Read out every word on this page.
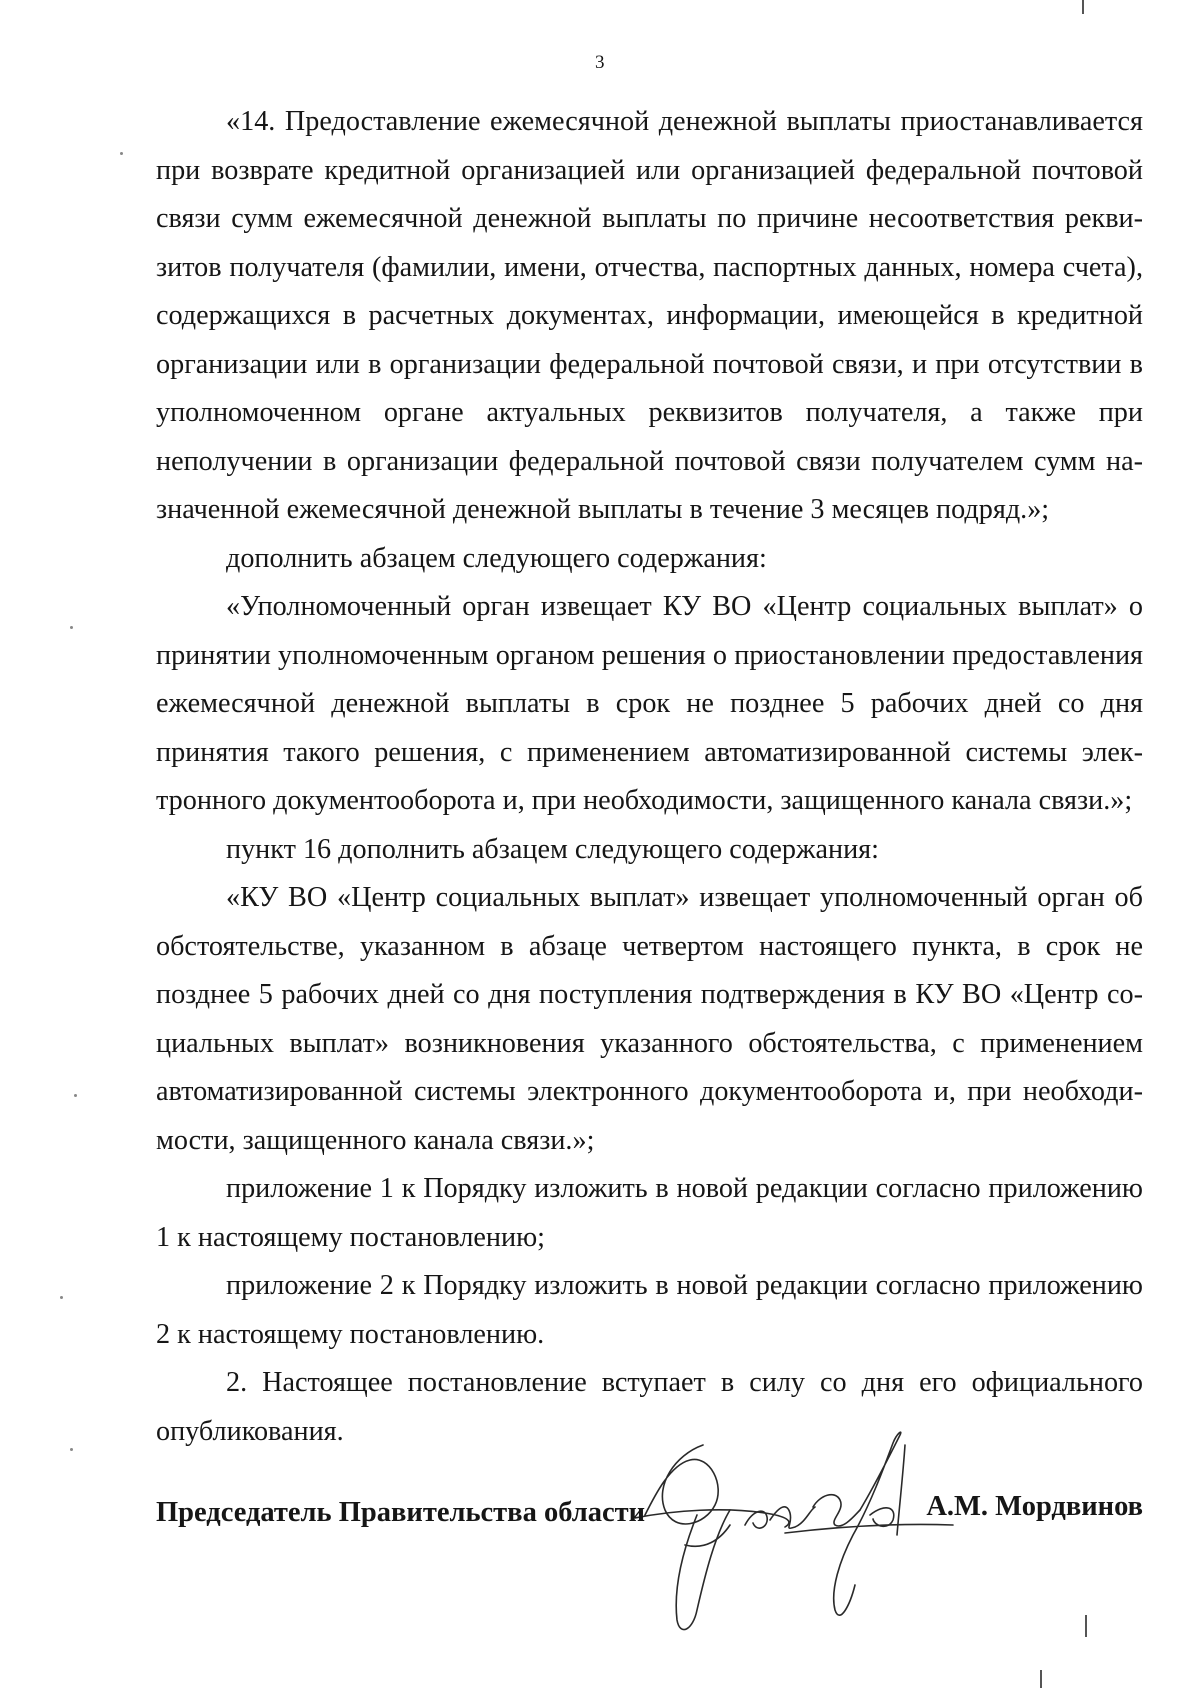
3

«14. Предоставление ежемесячной денежной выплаты приостанавливается при возврате кредитной организацией или организацией федеральной почтовой связи сумм ежемесячной денежной выплаты по причине несоответствия реквизитов получателя (фамилии, имени, отчества, паспортных данных, номера счета), содержащихся в расчетных документах, информации, имеющейся в кредитной организации или в организации федеральной почтовой связи, и при отсутствии в уполномоченном органе актуальных реквизитов получателя, а также при неполучении в организации федеральной почтовой связи получателем сумм назначенной ежемесячной денежной выплаты в течение 3 месяцев подряд.»;

дополнить абзацем следующего содержания:

«Уполномоченный орган извещает КУ ВО «Центр социальных выплат» о принятии уполномоченным органом решения о приостановлении предоставления ежемесячной денежной выплаты в срок не позднее 5 рабочих дней со дня принятия такого решения, с применением автоматизированной системы электронного документооборота и, при необходимости, защищенного канала связи.»;

пункт 16 дополнить абзацем следующего содержания:

«КУ ВО «Центр социальных выплат» извещает уполномоченный орган об обстоятельстве, указанном в абзаце четвертом настоящего пункта, в срок не позднее 5 рабочих дней со дня поступления подтверждения в КУ ВО «Центр социальных выплат» возникновения указанного обстоятельства, с применением автоматизированной системы электронного документооборота и, при необходимости, защищенного канала связи.»;

приложение 1 к Порядку изложить в новой редакции согласно приложению 1 к настоящему постановлению;

приложение 2 к Порядку изложить в новой редакции согласно приложению 2 к настоящему постановлению.

2. Настоящее постановление вступает в силу со дня его официального опубликования.

Председатель Правительства области	А.М. Мордвинов
